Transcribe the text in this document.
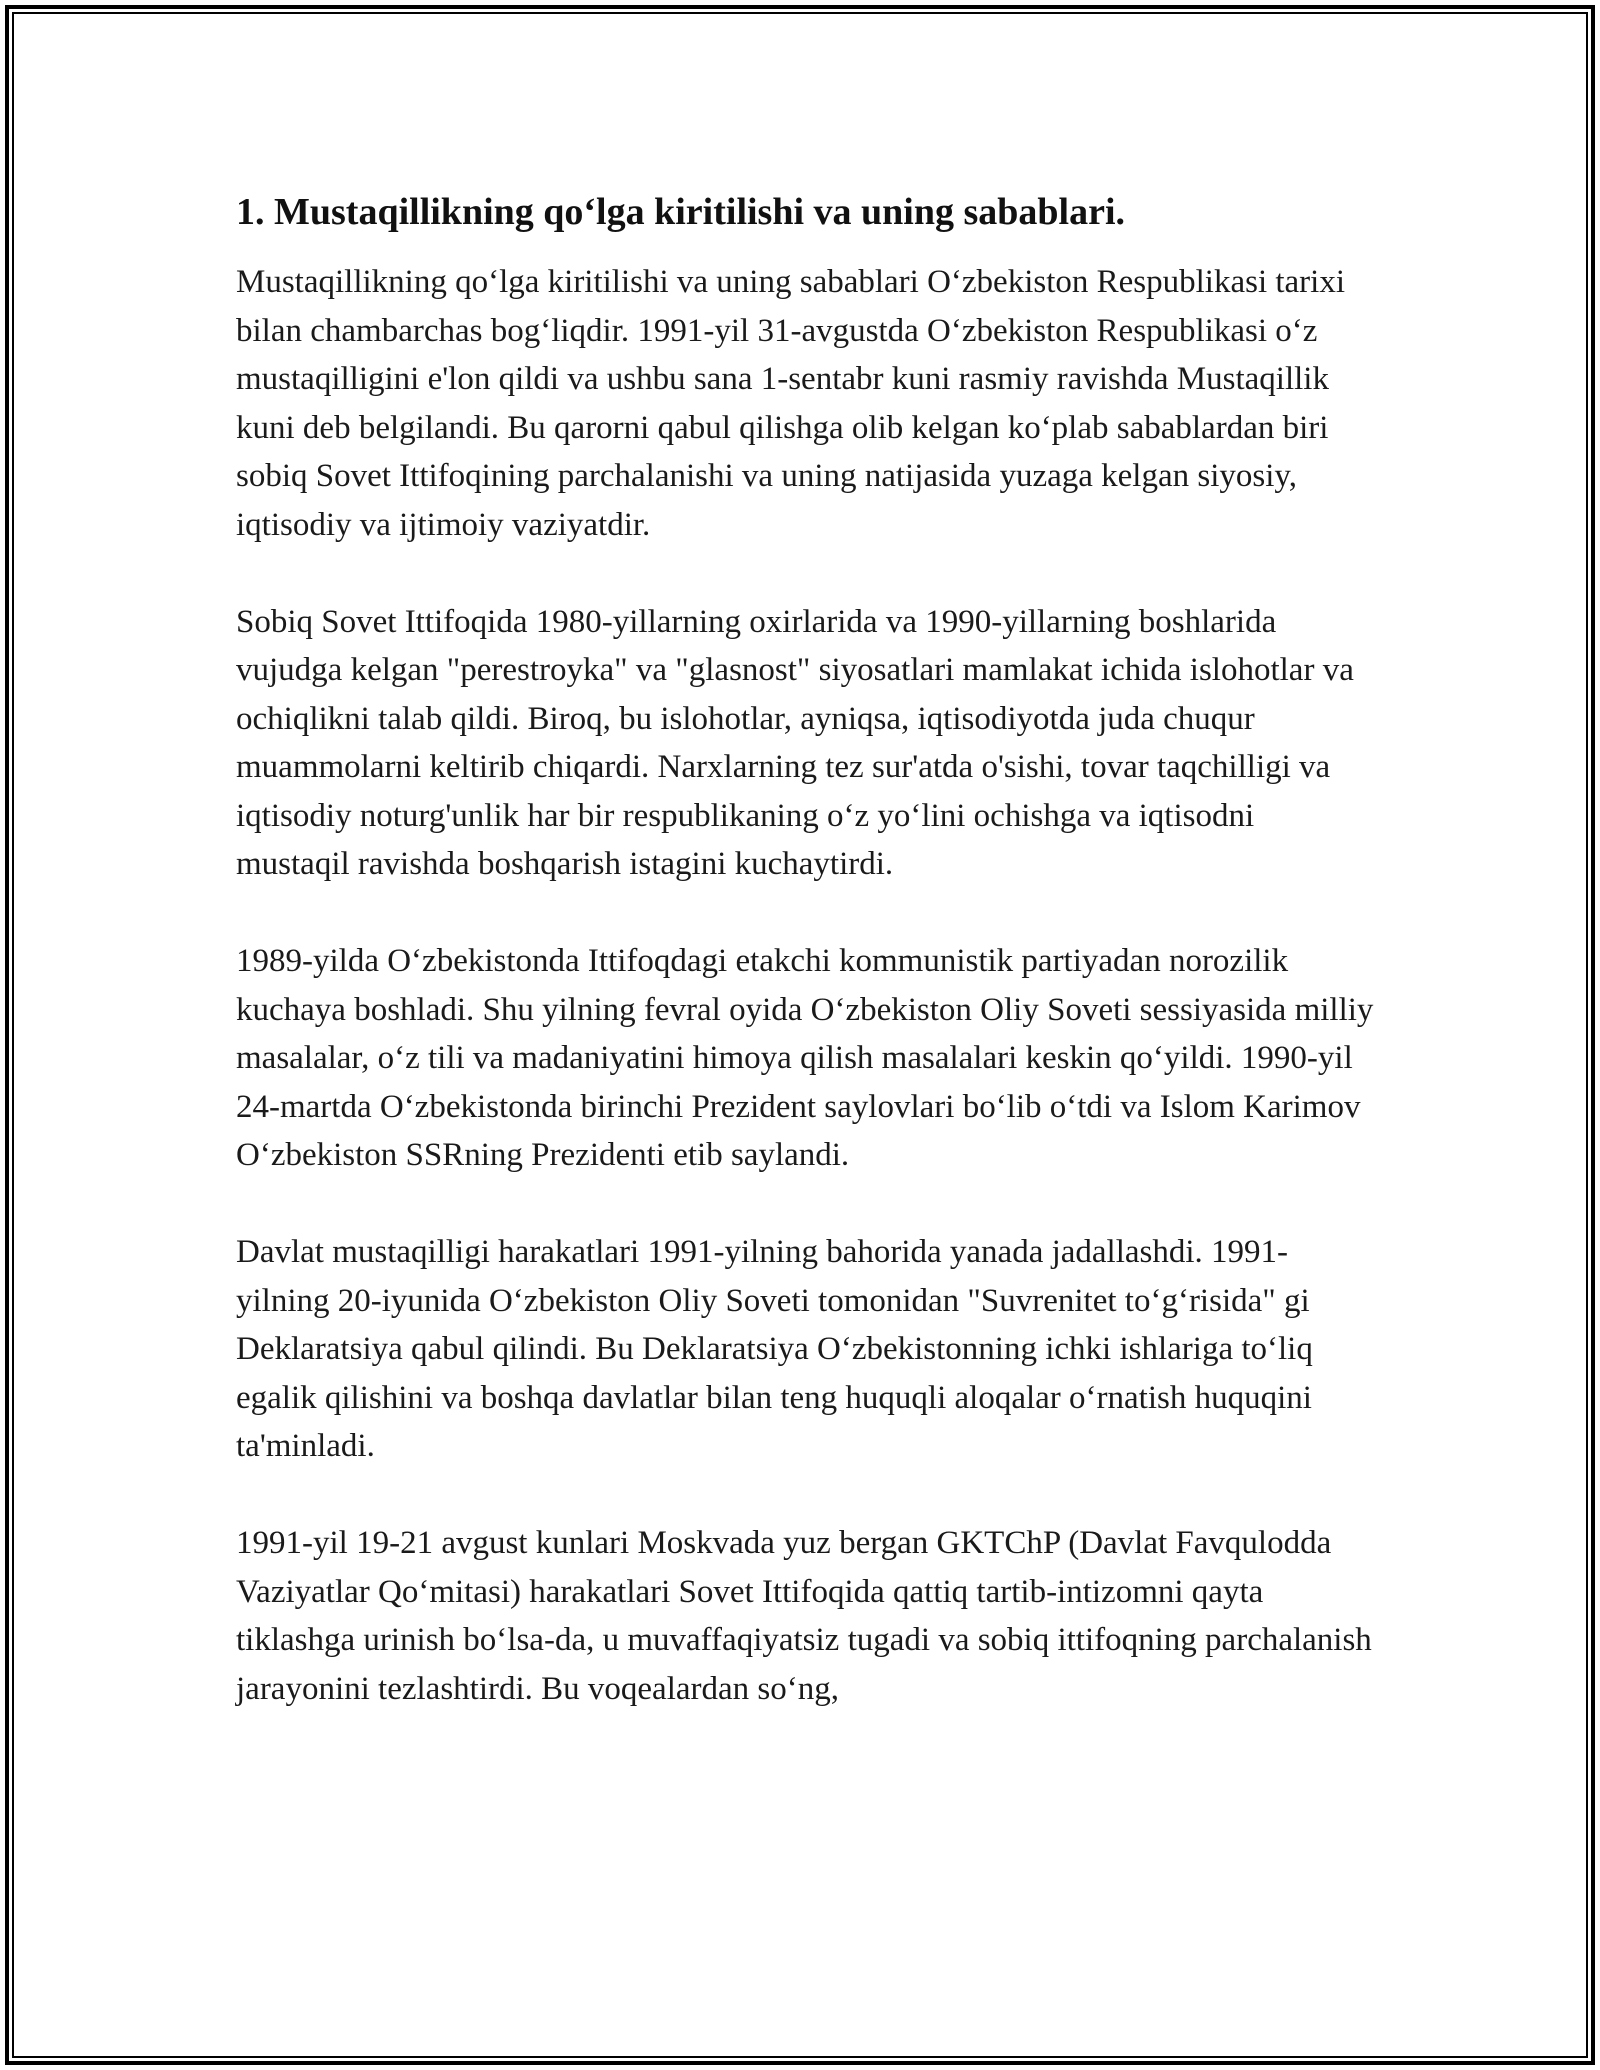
1. Mustaqillikning qo‘lga kiritilishi va uning sabablari.

Mustaqillikning qo‘lga kiritilishi va uning sabablari O‘zbekiston Respublikasi tarixi bilan chambarchas bog‘liqdir. 1991-yil 31-avgustda O‘zbekiston Respublikasi o‘z mustaqilligini e'lon qildi va ushbu sana 1-sentabr kuni rasmiy ravishda Mustaqillik kuni deb belgilandi. Bu qarorni qabul qilishga olib kelgan ko‘plab sabablardan biri sobiq Sovet Ittifoqining parchalanishi va uning natijasida yuzaga kelgan siyosiy, iqtisodiy va ijtimoiy vaziyatdir.

Sobiq Sovet Ittifoqida 1980-yillarning oxirlarida va 1990-yillarning boshlarida vujudga kelgan "perestroyka" va "glasnost" siyosatlari mamlakat ichida islohotlar va ochiqlikni talab qildi. Biroq, bu islohotlar, ayniqsa, iqtisodiyotda juda chuqur muammolarni keltirib chiqardi. Narxlarning tez sur'atda o'sishi, tovar taqchilligi va iqtisodiy noturg'unlik har bir respublikaning o‘z yo‘lini ochishga va iqtisodni mustaqil ravishda boshqarish istagini kuchaytirdi.

1989-yilda O‘zbekistonda Ittifoqdagi etakchi kommunistik partiyadan norozilik kuchaya boshladi. Shu yilning fevral oyida O‘zbekiston Oliy Soveti sessiyasida milliy masalalar, o‘z tili va madaniyatini himoya qilish masalalari keskin qo‘yildi. 1990-yil 24-martda O‘zbekistonda birinchi Prezident saylovlari bo‘lib o‘tdi va Islom Karimov O‘zbekiston SSRning Prezidenti etib saylandi.

Davlat mustaqilligi harakatlari 1991-yilning bahorida yanada jadallashdi. 1991-yilning 20-iyunida O‘zbekiston Oliy Soveti tomonidan "Suvrenitet to‘g‘risida" gi Deklaratsiya qabul qilindi. Bu Deklaratsiya O‘zbekistonning ichki ishlariga to‘liq egalik qilishini va boshqa davlatlar bilan teng huquqli aloqalar o‘rnatish huquqini ta'minladi.

1991-yil 19-21 avgust kunlari Moskvada yuz bergan GKTChP (Davlat Favqulodda Vaziyatlar Qo‘mitasi) harakatlari Sovet Ittifoqida qattiq tartib-intizomni qayta tiklashga urinish bo‘lsa-da, u muvaffaqiyatsiz tugadi va sobiq ittifoqning parchalanish jarayonini tezlashtirdi. Bu voqealardan so‘ng,
